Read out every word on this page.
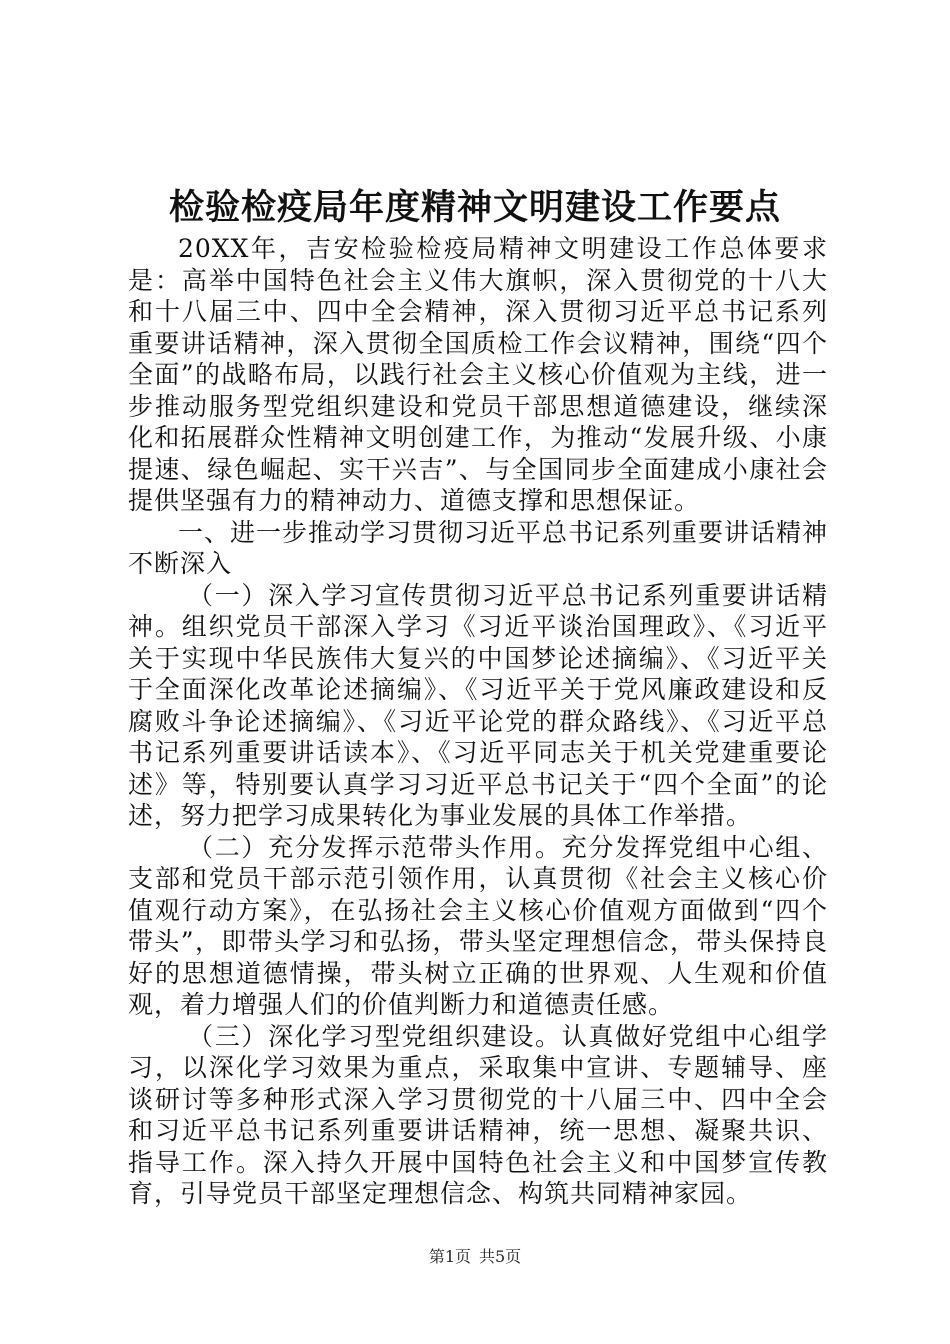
检验检疫局年度精神文明建设工作要点

20XX年，吉安检验检疫局精神文明建设工作总体要求是：高举中国特色社会主义伟大旗帜，深入贯彻党的十八大和十八届三中、四中全会精神，深入贯彻习近平总书记系列重要讲话精神，深入贯彻全国质检工作会议精神，围绕“四个全面”的战略布局，以践行社会主义核心价值观为主线，进一步推动服务型党组织建设和党员干部思想道德建设，继续深化和拓展群众性精神文明创建工作，为推动“发展升级、小康提速、绿色崛起、实干兴吉”、与全国同步全面建成小康社会提供坚强有力的精神动力、道德支撑和思想保证。

一、进一步推动学习贯彻习近平总书记系列重要讲话精神不断深入

（一）深入学习宣传贯彻习近平总书记系列重要讲话精神。组织党员干部深入学习《习近平谈治国理政》、《习近平关于实现中华民族伟大复兴的中国梦论述摘编》、《习近平关于全面深化改革论述摘编》、《习近平关于党风廉政建设和反腐败斗争论述摘编》、《习近平论党的群众路线》、《习近平总书记系列重要讲话读本》、《习近平同志关于机关党建重要论述》等，特别要认真学习习近平总书记关于“四个全面”的论述，努力把学习成果转化为事业发展的具体工作举措。

（二）充分发挥示范带头作用。充分发挥党组中心组、支部和党员干部示范引领作用，认真贯彻《社会主义核心价值观行动方案》，在弘扬社会主义核心价值观方面做到“四个带头”，即带头学习和弘扬，带头坚定理想信念，带头保持良好的思想道德情操，带头树立正确的世界观、人生观和价值观，着力增强人们的价值判断力和道德责任感。

（三）深化学习型党组织建设。认真做好党组中心组学习，以深化学习效果为重点，采取集中宣讲、专题辅导、座谈研讨等多种形式深入学习贯彻党的十八届三中、四中全会和习近平总书记系列重要讲话精神，统一思想、凝聚共识、指导工作。深入持久开展中国特色社会主义和中国梦宣传教育，引导党员干部坚定理想信念、构筑共同精神家园。

第1页 共5页
